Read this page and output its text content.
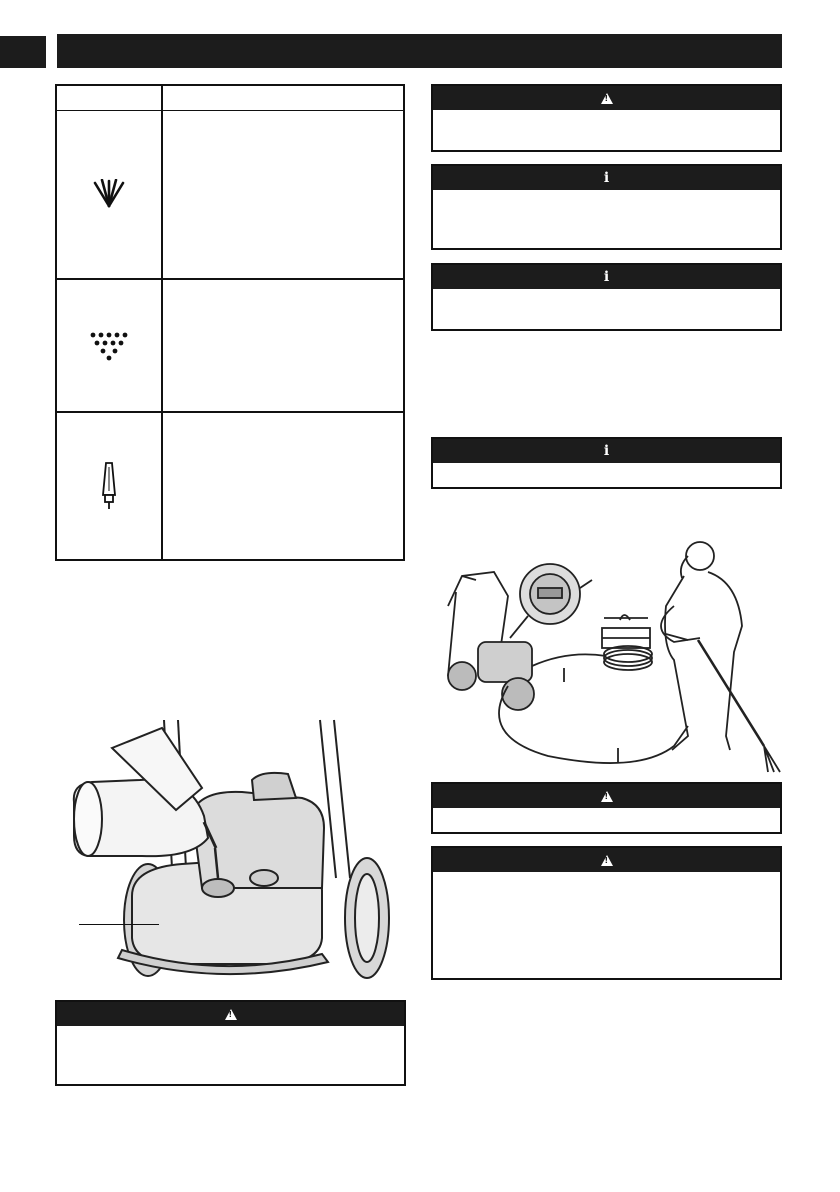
!
!
i
i
i
!
!
